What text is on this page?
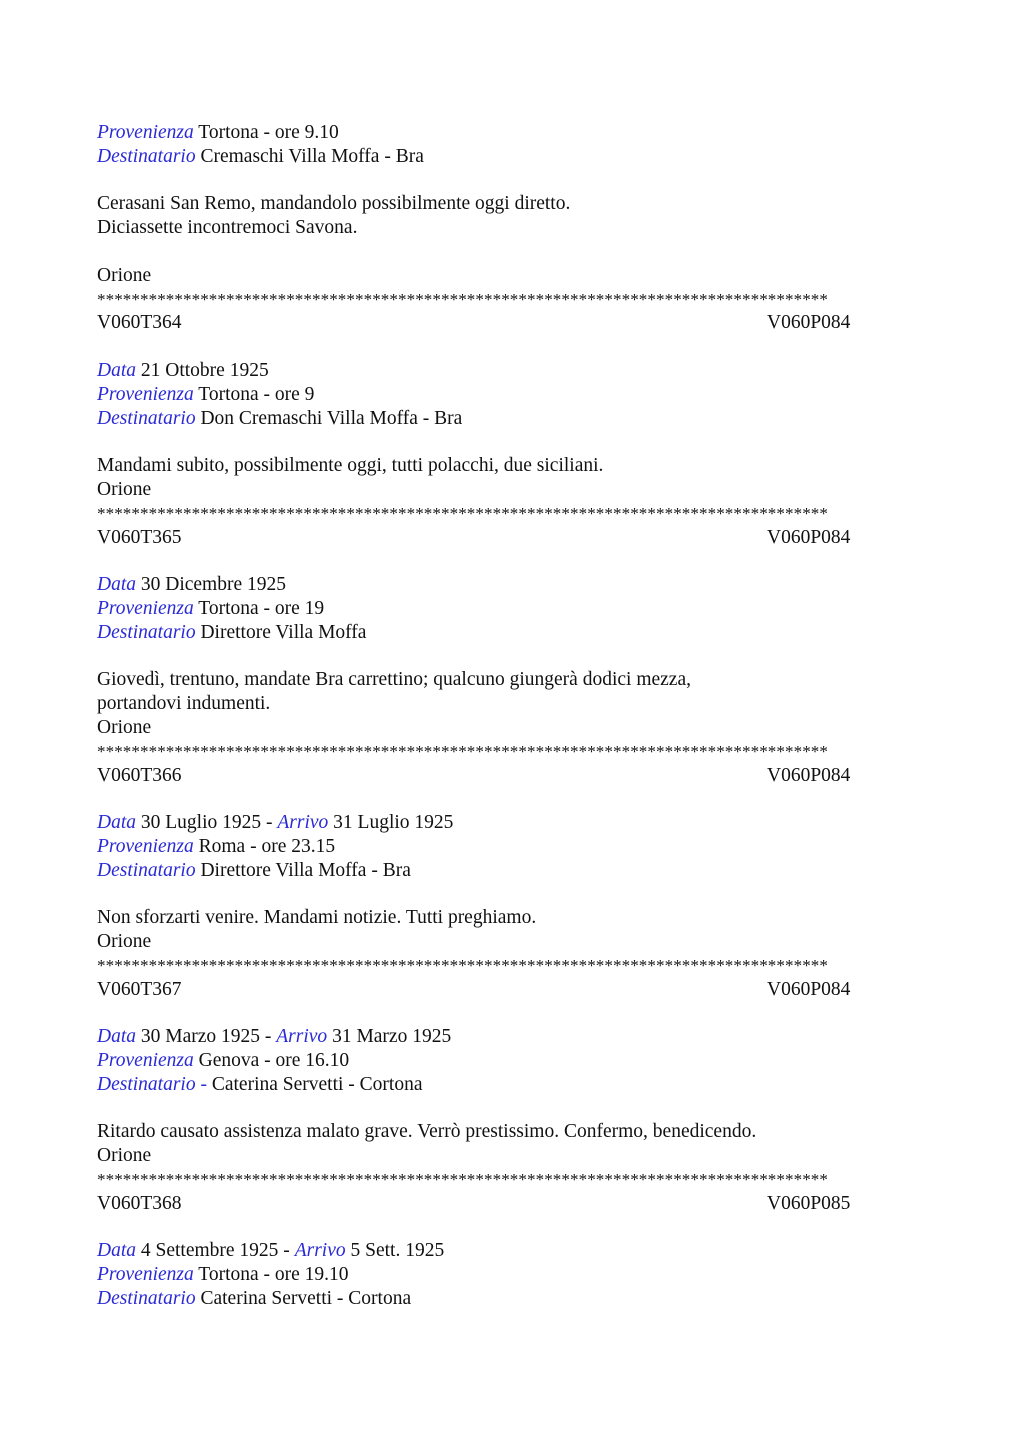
Provenienza Tortona - ore 9.10
Destinatario Cremaschi Villa Moffa - Bra
Cerasani San Remo, mandandolo possibilmente oggi diretto.
Diciassette incontremoci Savona.
Orione
*************************************************************************************
V060T364	V060P084
Data 21 Ottobre 1925
Provenienza Tortona - ore 9
Destinatario Don Cremaschi Villa Moffa - Bra
Mandami subito, possibilmente oggi, tutti polacchi, due siciliani.
Orione
*************************************************************************************
V060T365	V060P084
Data 30 Dicembre 1925
Provenienza Tortona - ore 19
Destinatario Direttore Villa Moffa
Giovedì, trentuno, mandate Bra carrettino; qualcuno giungerà dodici mezza,
portandovi indumenti.
Orione
*************************************************************************************
V060T366	V060P084
Data 30 Luglio 1925 - Arrivo 31 Luglio 1925
Provenienza Roma - ore 23.15
Destinatario Direttore Villa Moffa - Bra
Non sforzarti venire. Mandami notizie. Tutti preghiamo.
Orione
*************************************************************************************
V060T367	V060P084
Data 30 Marzo 1925 - Arrivo 31 Marzo 1925
Provenienza Genova - ore 16.10
Destinatario - Caterina Servetti - Cortona
Ritardo causato assistenza malato grave. Verrò prestissimo. Confermo, benedicendo.
Orione
*************************************************************************************
V060T368	V060P085
Data 4 Settembre 1925 - Arrivo 5 Sett. 1925
Provenienza Tortona - ore 19.10
Destinatario Caterina Servetti - Cortona
